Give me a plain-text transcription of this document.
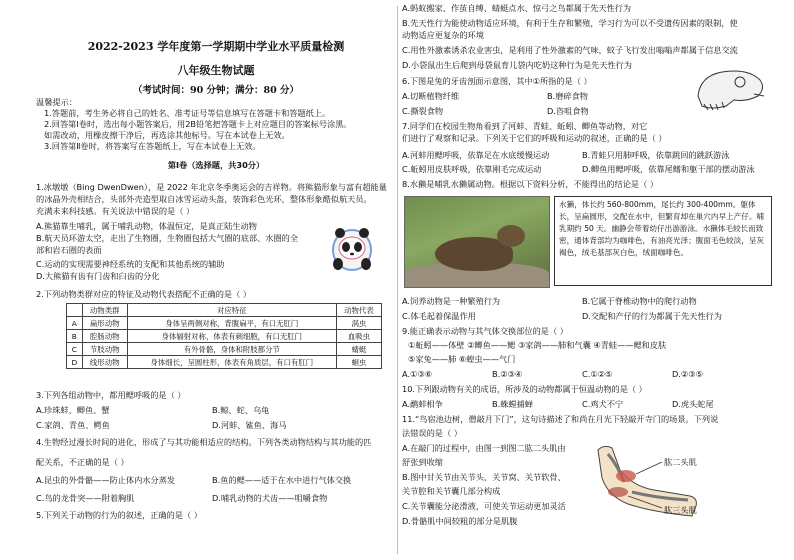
2022-2023 学年度第一学期期中学业水平质量检测
八年级生物试题
（考试时间：90 分钟；满分：80 分）
温馨提示：
1.答题前，考生务必将自己的姓名、准考证号等信息填写在答题卡和答题纸上。
2.回答第Ⅰ卷时，选出每小题答案后，用2B铅笔把答题卡上对应题目的答案标号涂黑。
如需改动，用橡皮擦干净后，再选涂其他标号。写在本试卷上无效。
3.回答第Ⅱ卷时，将答案写在答题纸上，写在本试卷上无效。
第Ⅰ卷（选择题，共30分）
1.冰墩墩（Bing DwenDwen），是 2022 年北京冬季奥运会的吉祥物。将熊猫形象与富有超能量
的冰晶外壳相结合，头部外壳造型取自冰雪运动头盔，装饰彩色光环，整体形象酷似航天员。
充满未来科技感。有关说法中错误的是（ ）
A.熊猫靠生哺乳，属于哺乳动物，体温恒定，是真正陆生动物
B.航天员环游太空，走出了生物圈，生物圈包括大气圈的底部、水圈的全
部和岩石圈的表面
C.运动的实现需要神经系统的支配和其他系统的辅助
D.大熊猫有齿有门齿和臼齿的分化
2.下列动物类群对应的特征及动物代表搭配不正确的是（ ）
	动物类群	对应特征	动物代表
A	扁形动物	身体呈两侧对称，背腹扁平，有口无肛门	涡虫
B	腔肠动物	身体辐射对称，体表有刺细胞，有口无肛门	血吸虫
C	节肢动物	有外骨骼，身体和附肢都分节	蜻蜓
D	线形动物	身体细长，呈圆柱形，体表有角质层，有口有肛门	蛔虫
3.下列各组动物中，都用鳃呼吸的是（ ）
A.珍珠蚌、鲫鱼、蟹	B.鲸、蛇、乌龟
C.家鸽、青鱼、鳄鱼	D.河蚌、鲨鱼、海马
4.生物经过漫长时间的进化，形成了与其功能相适应的结构。下列各类动物结构与其功能的匹
配关系，不正确的是（ ）
A.昆虫的外骨骼——防止体内水分蒸发	B.鱼的鳃——适于在水中进行气体交换
C.鸟的龙骨突——附着胸肌	D.哺乳动物的犬齿——咀嚼食物
5.下列关于动物的行为的叙述，正确的是（ ）
A.蚂蚁搬家、作茧自缚、蜻蜓点水、惊弓之鸟都属于先天性行为
B.先天性行为能使动物适应环境，有利于生存和繁殖，学习行为可以不受遗传因素的限制，使
动物适应更复杂的环境
C.用性外激素诱杀农业害虫，是利用了性外激素的气味，蚊子飞行发出嗡嗡声都属于信息交流
D.小袋鼠出生后爬到母袋鼠育儿袋内吃奶这种行为是先天性行为
6.下图是兔的牙齿剖面示意图，其中①所指的是（ ）
A.切断植物纤维	B.磨碎食物
C.撕裂食物	D.咨咀食物
7.同学们在校园生物角看到了河蚌、青蛙、蚯蚓、鲫鱼等动物，对它
们进行了观察和记录。下列关于它们的呼吸和运动的叙述，正确的是（ ）
A.河蚌用鳃呼吸，依靠足在水底缓慢运动	B.青蛙只用肺呼吸，依靠跳回的跳跃游泳
C.蚯蚓用皮肤呼吸，依靠刚毛完成运动	D.鲫鱼用鳃呼吸，依靠尾鳍和躯干部的摆动游泳
8.水獭是哺乳水獭属动物。根据以下资料分析，不能得出的结论是（ ）
水獭，体长约 560-800mm，尾长约 300-400mm。躯体长，呈扁圆形，交配在水中，但繁育却在巢穴内早上产仔。哺乳期约 50 天。幽静会带着幼仔出游游泳。水獭体毛较长而致密，通体背部均为咖啡色，有油亮光泽；腹面毛色较淡，呈灰褐色，绒毛基部灰白色，绒面咖啡色。
A.饲养动物是一种繁殖行为	B.它属于脊椎动物中的爬行动物
C.体毛起着保温作用	D.交配和产仔的行为都属于先天性行为
9.能正确表示动物与其气体交换部位的是（ ）
①蚯蚓——体壁 ②鲫鱼——鳃 ③家鸽——肺和气囊 ④青蛙——鳃和皮肤
⑤家兔——肺 ⑥蝗虫——气门
A.①③⑥	B.②③④	C.①②⑤	D.②③⑤
10.下列跟动物有关的成语，所涉及的动物都属于恒温动物的是（ ）
A.鹬蚌相争	B.蛛螳捕蝉	C.鸡犬不宁	D.虎头蛇尾
11.“鸟宿池边树，僧敲月下门”，这句诗描述了和尚在月光下轻敲开寺门的场景。下列说
法错误的是（ ）
A.在敲门的过程中，由图一到图二肱二头肌由
舒张到收缩
B.图中甘关节由关节头、关节窝、关节软骨、
关节腔和关节囊几部分构成
C.关节囊能分泌滑液，可使关节运动更加灵活
D.骨骼肌中间较粗的部分是肌腹
肱二头肌
肱三头肌
